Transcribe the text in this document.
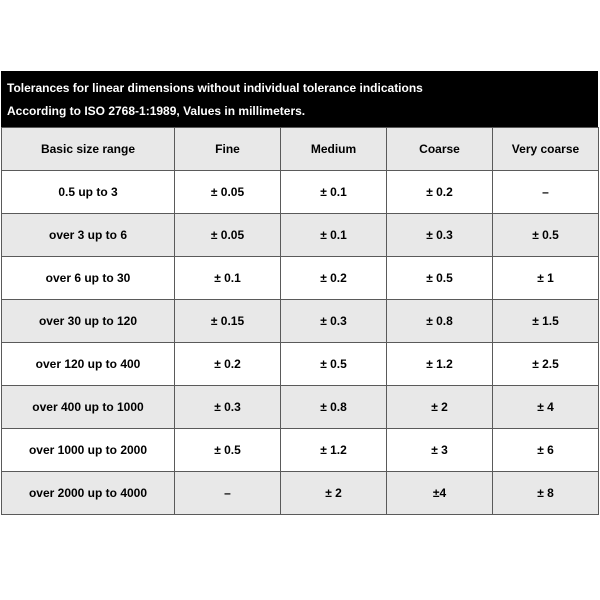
Tolerances for linear dimensions without individual tolerance indications
According to ISO 2768-1:1989, Values in millimeters.
Basic size range	Fine	Medium	Coarse	Very coarse
0.5 up to 3	± 0.05	± 0.1	± 0.2	–
over 3 up to 6	± 0.05	± 0.1	± 0.3	± 0.5
over 6 up to 30	± 0.1	± 0.2	± 0.5	± 1
over 30 up to 120	± 0.15	± 0.3	± 0.8	± 1.5
over 120 up to 400	± 0.2	± 0.5	± 1.2	± 2.5
over 400 up to 1000	± 0.3	± 0.8	± 2	± 4
over 1000 up to 2000	± 0.5	± 1.2	± 3	± 6
over 2000 up to 4000	–	± 2	±4	± 8
